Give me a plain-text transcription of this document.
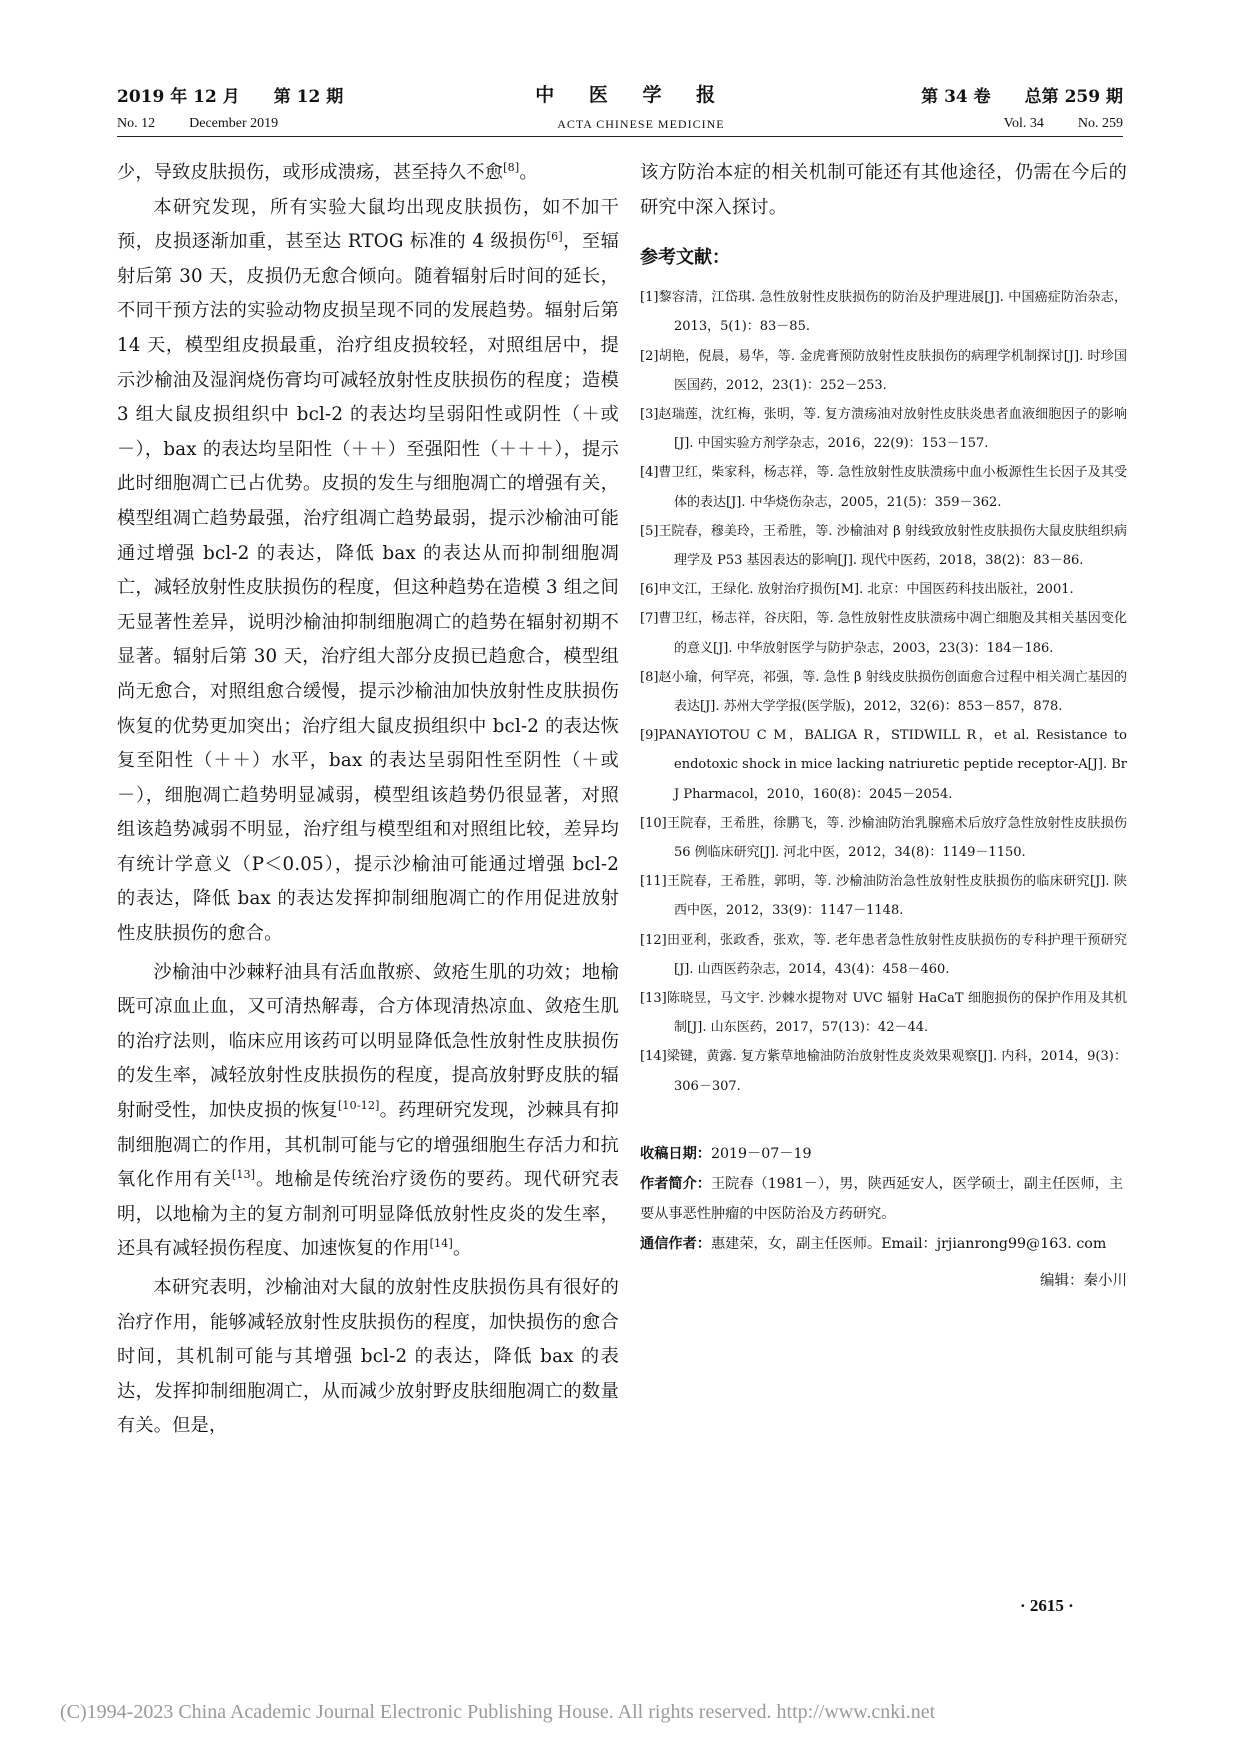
2019 年 12 月 第 12 期	中 医 学 报	第 34 卷 总第 259 期
No. 12 December 2019	ACTA CHINESE MEDICINE	Vol. 34 No. 259

少，导致皮肤损伤，或形成溃疡，甚至持久不愈[8]。

本研究发现，所有实验大鼠均出现皮肤损伤，如不加干预，皮损逐渐加重，甚至达 RTOG 标准的 4 级损伤[6]，至辐射后第 30 天，皮损仍无愈合倾向。随着辐射后时间的延长，不同干预方法的实验动物皮损呈现不同的发展趋势。辐射后第 14 天，模型组皮损最重，治疗组皮损较轻，对照组居中，提示沙榆油及湿润烧伤膏均可减轻放射性皮肤损伤的程度；造模 3 组大鼠皮损组织中 bcl-2 的表达均呈弱阳性或阴性（＋或－），bax 的表达均呈阳性（＋＋）至强阳性（＋＋＋），提示此时细胞凋亡已占优势。皮损的发生与细胞凋亡的增强有关，模型组凋亡趋势最强，治疗组凋亡趋势最弱，提示沙榆油可能通过增强 bcl-2 的表达，降低 bax 的表达从而抑制细胞凋亡，减轻放射性皮肤损伤的程度，但这种趋势在造模 3 组之间无显著性差异，说明沙榆油抑制细胞凋亡的趋势在辐射初期不显著。辐射后第 30 天，治疗组大部分皮损已趋愈合，模型组尚无愈合，对照组愈合缓慢，提示沙榆油加快放射性皮肤损伤恢复的优势更加突出；治疗组大鼠皮损组织中 bcl-2 的表达恢复至阳性（＋＋）水平，bax 的表达呈弱阳性至阴性（＋或－），细胞凋亡趋势明显减弱，模型组该趋势仍很显著，对照组该趋势减弱不明显，治疗组与模型组和对照组比较，差异均有统计学意义（P＜0.05），提示沙榆油可能通过增强 bcl-2 的表达，降低 bax 的表达发挥抑制细胞凋亡的作用促进放射性皮肤损伤的愈合。

沙榆油中沙棘籽油具有活血散瘀、敛疮生肌的功效；地榆既可凉血止血，又可清热解毒，合方体现清热凉血、敛疮生肌的治疗法则，临床应用该药可以明显降低急性放射性皮肤损伤的发生率，减轻放射性皮肤损伤的程度，提高放射野皮肤的辐射耐受性，加快皮损的恢复[10-12]。药理研究发现，沙棘具有抑制细胞凋亡的作用，其机制可能与它的增强细胞生存活力和抗氧化作用有关[13]。地榆是传统治疗烫伤的要药。现代研究表明，以地榆为主的复方制剂可明显降低放射性皮炎的发生率，还具有减轻损伤程度、加速恢复的作用[14]。

本研究表明，沙榆油对大鼠的放射性皮肤损伤具有很好的治疗作用，能够减轻放射性皮肤损伤的程度，加快损伤的愈合时间，其机制可能与其增强 bcl-2 的表达，降低 bax 的表达，发挥抑制细胞凋亡，从而减少放射野皮肤细胞凋亡的数量有关。但是，

该方防治本症的相关机制可能还有其他途径，仍需在今后的研究中深入探讨。

参考文献：

[1]黎容清，江岱琪. 急性放射性皮肤损伤的防治及护理进展[J]. 中国癌症防治杂志，2013，5(1)：83－85.

[2]胡艳，倪晨，易华，等. 金虎膏预防放射性皮肤损伤的病理学机制探讨[J]. 时珍国医国药，2012，23(1)：252－253.

[3]赵瑞莲，沈红梅，张明，等. 复方溃疡油对放射性皮肤炎患者血液细胞因子的影响[J]. 中国实验方剂学杂志，2016，22(9)：153－157.

[4]曹卫红，柴家科，杨志祥，等. 急性放射性皮肤溃疡中血小板源性生长因子及其受体的表达[J]. 中华烧伤杂志，2005，21(5)：359－362.

[5]王院春，穆美玲，王希胜，等. 沙榆油对 β 射线致放射性皮肤损伤大鼠皮肤组织病理学及 P53 基因表达的影响[J]. 现代中医药，2018，38(2)：83－86.

[6]申文江，王绿化. 放射治疗损伤[M]. 北京：中国医药科技出版社，2001.

[7]曹卫红，杨志祥，谷庆阳，等. 急性放射性皮肤溃疡中凋亡细胞及其相关基因变化的意义[J]. 中华放射医学与防护杂志，2003，23(3)：184－186.

[8]赵小瑜，何罕亮，祁强，等. 急性 β 射线皮肤损伤创面愈合过程中相关凋亡基因的表达[J]. 苏州大学学报(医学版)，2012，32(6)：853－857，878.

[9]PANAYIOTOU C M，BALIGA R，STIDWILL R，et al. Resistance to endotoxic shock in mice lacking natriuretic peptide receptor-A[J]. Br J Pharmacol，2010，160(8)：2045－2054.

[10]王院春，王希胜，徐鹏飞，等. 沙榆油防治乳腺癌术后放疗急性放射性皮肤损伤 56 例临床研究[J]. 河北中医，2012，34(8)：1149－1150.

[11]王院春，王希胜，郭明，等. 沙榆油防治急性放射性皮肤损伤的临床研究[J]. 陕西中医，2012，33(9)：1147－1148.

[12]田亚利，张政香，张欢，等. 老年患者急性放射性皮肤损伤的专科护理干预研究[J]. 山西医药杂志，2014，43(4)：458－460.

[13]陈晓昱，马文宇. 沙棘水提物对 UVC 辐射 HaCaT 细胞损伤的保护作用及其机制[J]. 山东医药，2017，57(13)：42－44.

[14]梁键，黄露. 复方紫草地榆油防治放射性皮炎效果观察[J]. 内科，2014，9(3)：306－307.

收稿日期：2019－07－19

作者简介：王院春（1981－），男，陕西延安人，医学硕士，副主任医师，主要从事恶性肿瘤的中医防治及方药研究。

通信作者：惠建荣，女，副主任医师。Email：jrjianrong99@163. com

编辑：秦小川
· 2615 ·
(C)1994-2023 China Academic Journal Electronic Publishing House. All rights reserved. http://www.cnki.net
